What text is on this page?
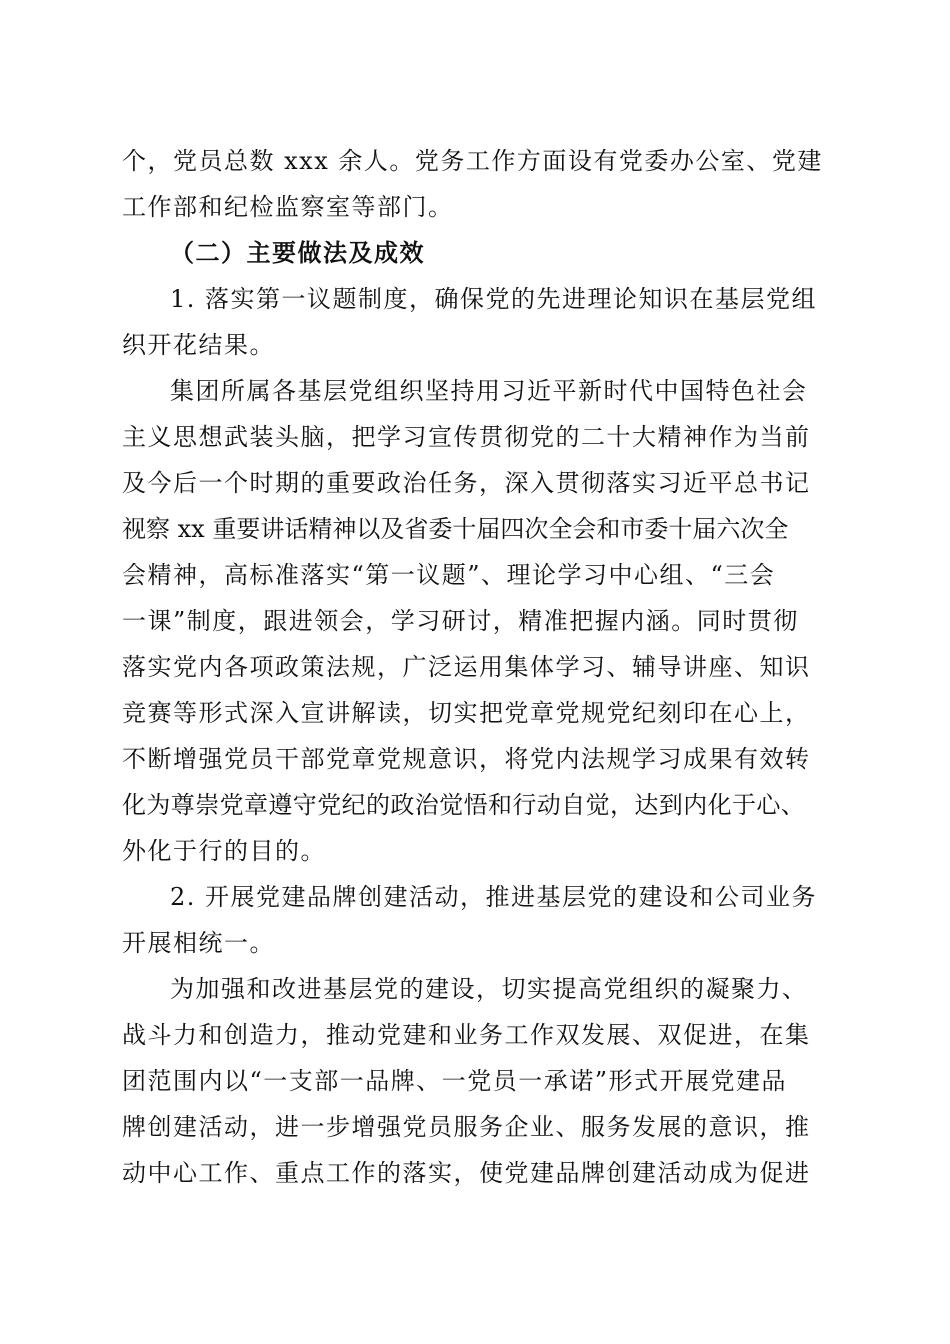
个，党员总数 xxx 余人。党务工作方面设有党委办公室、党建
工作部和纪检监察室等部门。
（二）主要做法及成效
1. 落实第一议题制度，确保党的先进理论知识在基层党组
织开花结果。
集团所属各基层党组织坚持用习近平新时代中国特色社会
主义思想武装头脑，把学习宣传贯彻党的二十大精神作为当前
及今后一个时期的重要政治任务，深入贯彻落实习近平总书记
视察 xx 重要讲话精神以及省委十届四次全会和市委十届六次全
会精神，高标准落实“第一议题”、理论学习中心组、“三会
一课”制度，跟进领会，学习研讨，精准把握内涵。同时贯彻
落实党内各项政策法规，广泛运用集体学习、辅导讲座、知识
竞赛等形式深入宣讲解读，切实把党章党规党纪刻印在心上，
不断增强党员干部党章党规意识，将党内法规学习成果有效转
化为尊崇党章遵守党纪的政治觉悟和行动自觉，达到内化于心、
外化于行的目的。
2. 开展党建品牌创建活动，推进基层党的建设和公司业务
开展相统一。
为加强和改进基层党的建设，切实提高党组织的凝聚力、
战斗力和创造力，推动党建和业务工作双发展、双促进，在集
团范围内以“一支部一品牌、一党员一承诺”形式开展党建品
牌创建活动，进一步增强党员服务企业、服务发展的意识，推
动中心工作、重点工作的落实，使党建品牌创建活动成为促进
